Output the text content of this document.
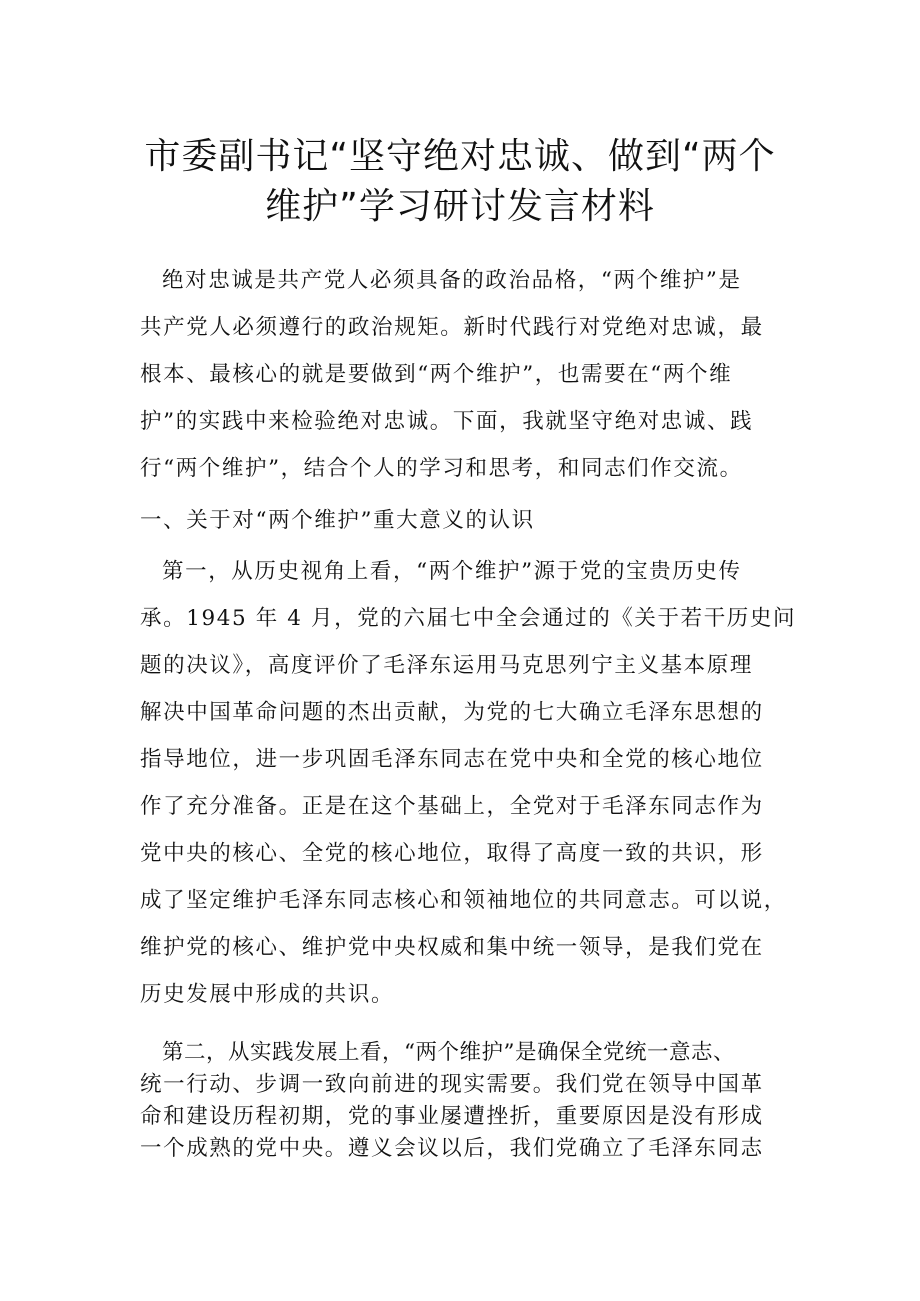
市委副书记“坚守绝对忠诚、做到“两个
维护”学习研讨发言材料
绝对忠诚是共产党人必须具备的政治品格，“两个维护”是
共产党人必须遵行的政治规矩。新时代践行对党绝对忠诚，最
根本、最核心的就是要做到“两个维护”，也需要在“两个维
护”的实践中来检验绝对忠诚。下面，我就坚守绝对忠诚、践
行“两个维护”，结合个人的学习和思考，和同志们作交流。
一、关于对“两个维护”重大意义的认识
第一，从历史视角上看，“两个维护”源于党的宝贵历史传
承。1945 年 4 月，党的六届七中全会通过的《关于若干历史问
题的决议》，高度评价了毛泽东运用马克思列宁主义基本原理
解决中国革命问题的杰出贡献，为党的七大确立毛泽东思想的
指导地位，进一步巩固毛泽东同志在党中央和全党的核心地位
作了充分准备。正是在这个基础上，全党对于毛泽东同志作为
党中央的核心、全党的核心地位，取得了高度一致的共识，形
成了坚定维护毛泽东同志核心和领袖地位的共同意志。可以说，
维护党的核心、维护党中央权威和集中统一领导，是我们党在
历史发展中形成的共识。
第二，从实践发展上看，“两个维护”是确保全党统一意志、
统一行动、步调一致向前进的现实需要。我们党在领导中国革
命和建设历程初期，党的事业屡遭挫折，重要原因是没有形成
一个成熟的党中央。遵义会议以后，我们党确立了毛泽东同志
